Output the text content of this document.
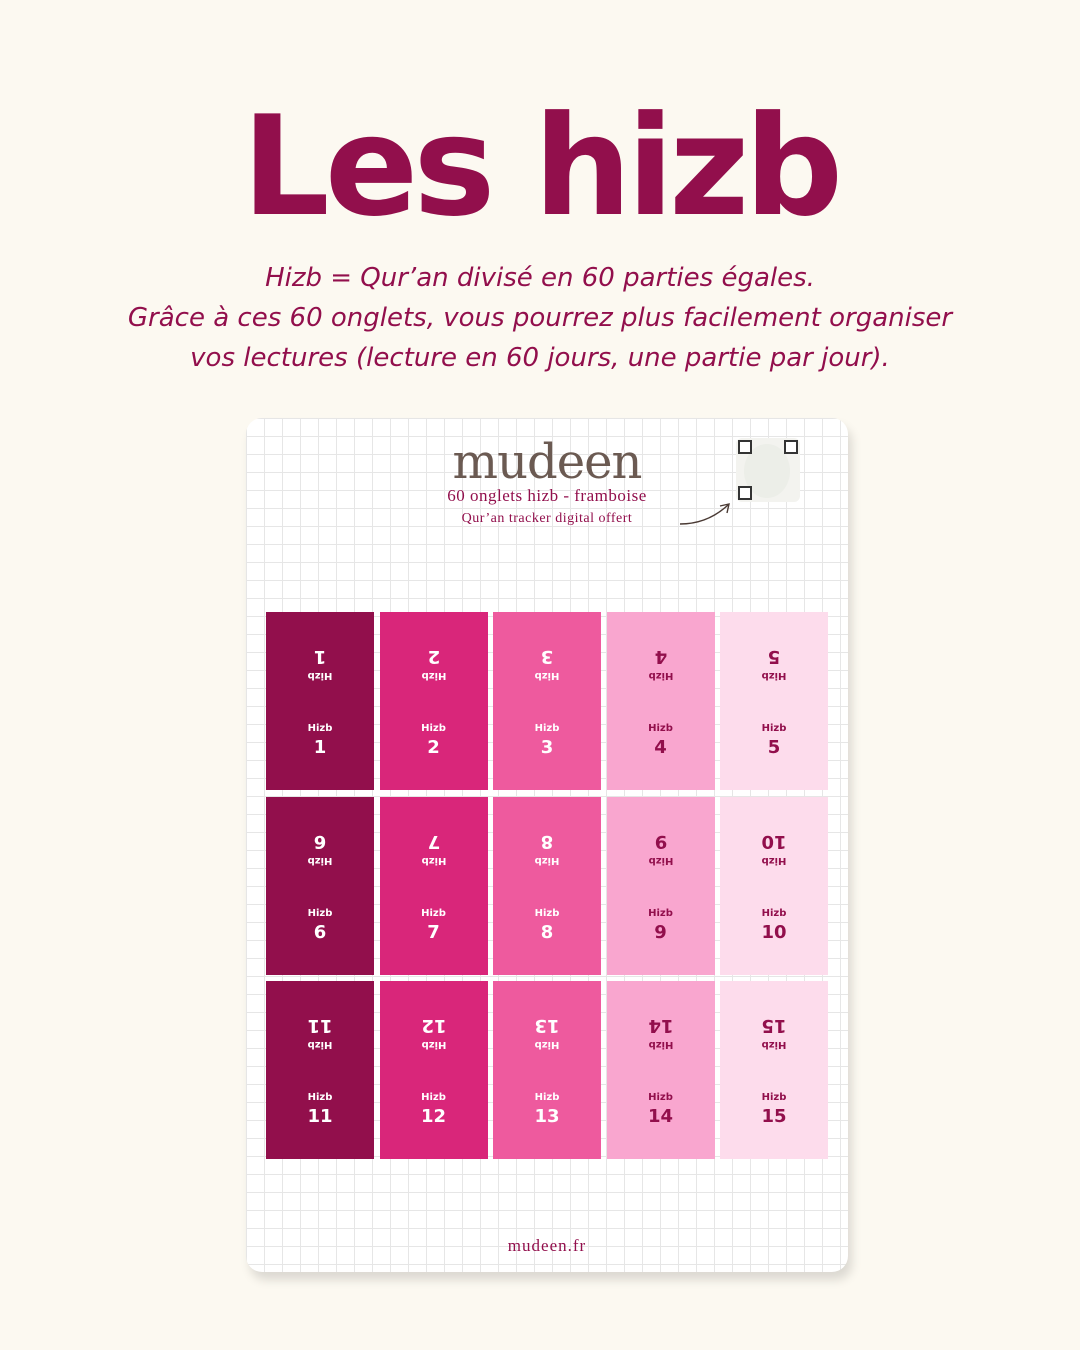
Les hizb
Hizb = Qur’an divisé en 60 parties égales.
Grâce à ces 60 onglets, vous pourrez plus facilement organiser
vos lectures (lecture en 60 jours, une partie par jour).
mudeen
60 onglets hizb - framboise
Qur’an tracker digital offert
Hizb
1
Hizb
1
Hizb
2
Hizb
2
Hizb
3
Hizb
3
Hizb
4
Hizb
4
Hizb
5
Hizb
5
Hizb
6
Hizb
6
Hizb
7
Hizb
7
Hizb
8
Hizb
8
Hizb
9
Hizb
9
Hizb
10
Hizb
10
Hizb
11
Hizb
11
Hizb
12
Hizb
12
Hizb
13
Hizb
13
Hizb
14
Hizb
14
Hizb
15
Hizb
15
mudeen.fr
